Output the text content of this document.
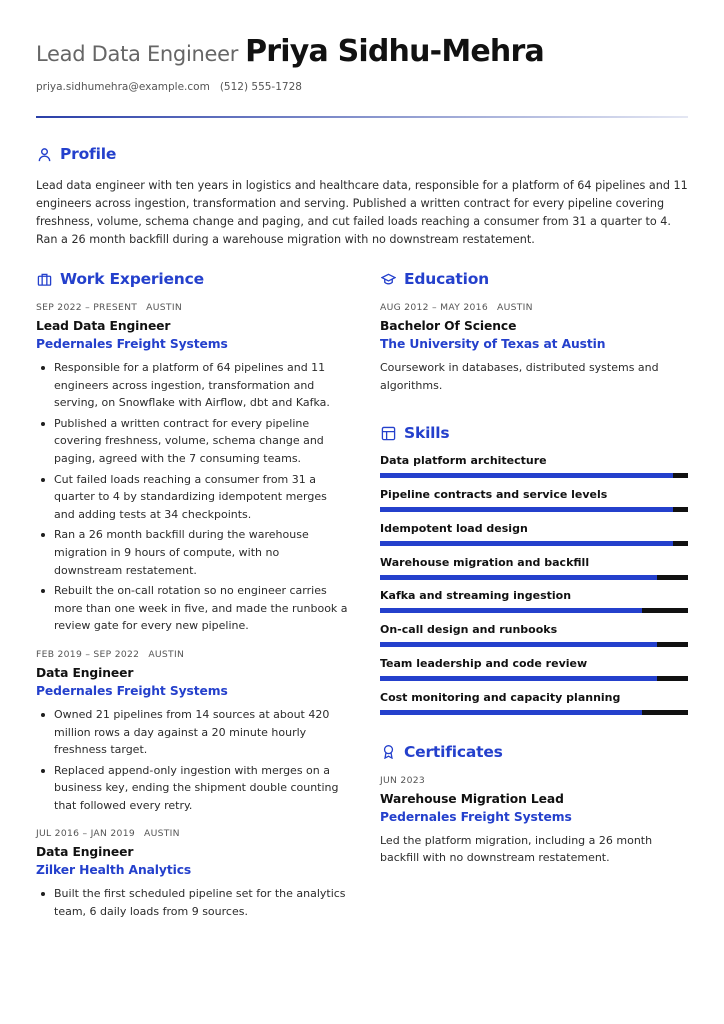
Lead Data Engineer Priya Sidhu-Mehra
priya.sidhumehra@example.com (512) 555-1728
Profile

Lead data engineer with ten years in logistics and healthcare data, responsible for a platform of 64 pipelines and 11 engineers across ingestion, transformation and serving. Published a written contract for every pipeline covering freshness, volume, schema change and paging, and cut failed loads reaching a consumer from 31 a quarter to 4. Ran a 26 month backfill during a warehouse migration with no downstream restatement.

Work Experience
SEP 2022 – PRESENT AUSTIN
Lead Data Engineer
Pedernales Freight Systems
Responsible for a platform of 64 pipelines and 11 engineers across ingestion, transformation and serving, on Snowflake with Airflow, dbt and Kafka.
Published a written contract for every pipeline covering freshness, volume, schema change and paging, agreed with the 7 consuming teams.
Cut failed loads reaching a consumer from 31 a quarter to 4 by standardizing idempotent merges and adding tests at 34 checkpoints.
Ran a 26 month backfill during the warehouse migration in 9 hours of compute, with no downstream restatement.
Rebuilt the on-call rotation so no engineer carries more than one week in five, and made the runbook a review gate for every new pipeline.
FEB 2019 – SEP 2022 AUSTIN
Data Engineer
Pedernales Freight Systems
Owned 21 pipelines from 14 sources at about 420 million rows a day against a 20 minute hourly freshness target.
Replaced append-only ingestion with merges on a business key, ending the shipment double counting that followed every retry.
JUL 2016 – JAN 2019 AUSTIN
Data Engineer
Zilker Health Analytics
Built the first scheduled pipeline set for the analytics team, 6 daily loads from 9 sources.
Education
AUG 2012 – MAY 2016 AUSTIN
Bachelor Of Science
The University of Texas at Austin

Coursework in databases, distributed systems and algorithms.

Skills
Data platform architecture
Pipeline contracts and service levels
Idempotent load design
Warehouse migration and backfill
Kafka and streaming ingestion
On-call design and runbooks
Team leadership and code review
Cost monitoring and capacity planning
Certificates
JUN 2023
Warehouse Migration Lead
Pedernales Freight Systems

Led the platform migration, including a 26 month backfill with no downstream restatement.
